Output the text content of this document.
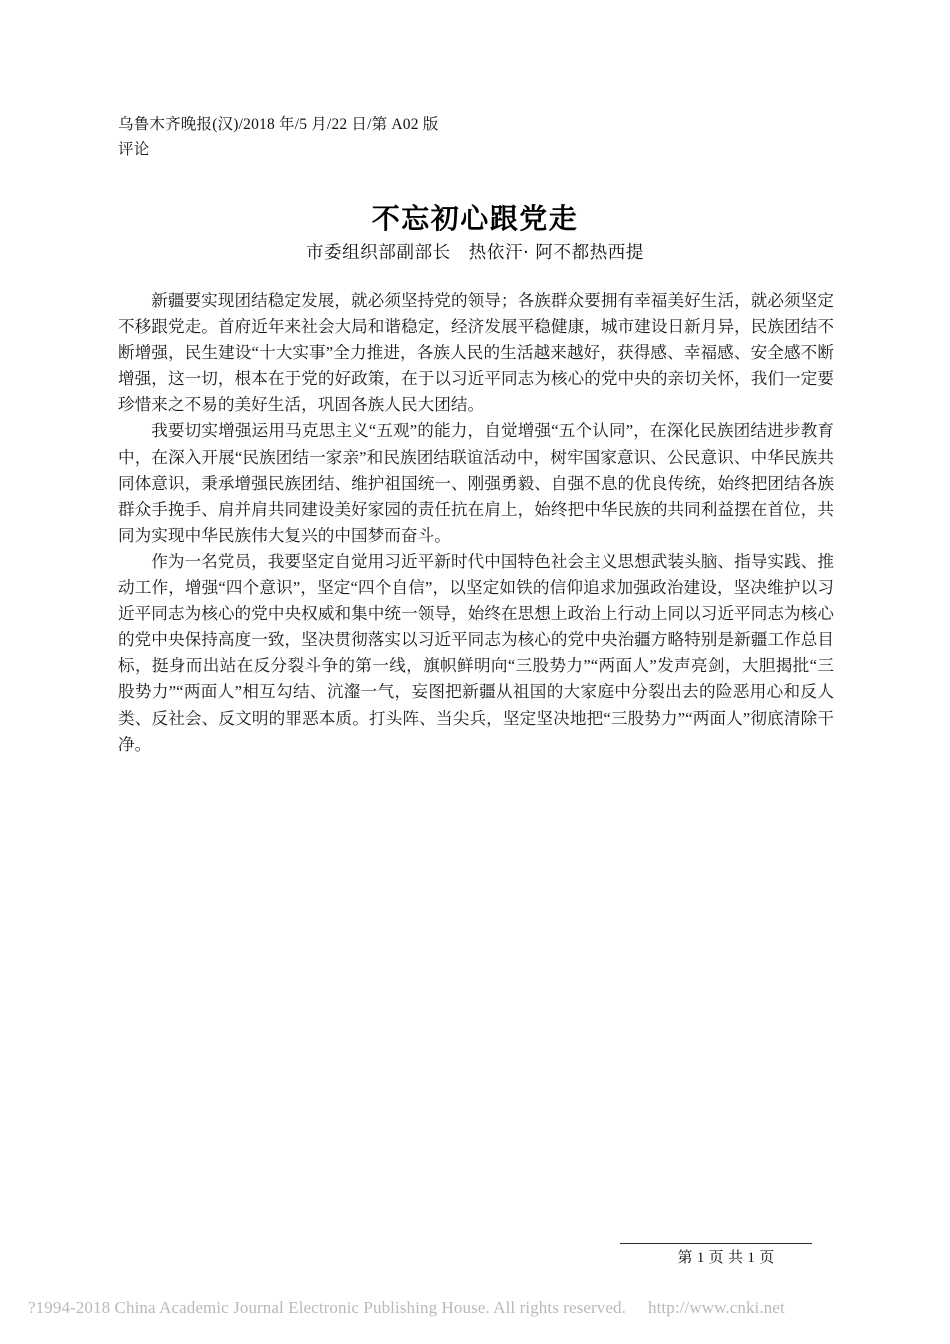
乌鲁木齐晚报(汉)/2018 年/5 月/22 日/第 A02 版
评论
不忘初心跟党走
市委组织部副部长 热依汗· 阿不都热西提

新疆要实现团结稳定发展，就必须坚持党的领导；各族群众要拥有幸福美好生活，就必须坚定不移跟党走。首府近年来社会大局和谐稳定，经济发展平稳健康，城市建设日新月异，民族团结不断增强，民生建设“十大实事”全力推进，各族人民的生活越来越好，获得感、幸福感、安全感不断增强，这一切，根本在于党的好政策，在于以习近平同志为核心的党中央的亲切关怀，我们一定要珍惜来之不易的美好生活，巩固各族人民大团结。

我要切实增强运用马克思主义“五观”的能力，自觉增强“五个认同”，在深化民族团结进步教育中，在深入开展“民族团结一家亲”和民族团结联谊活动中，树牢国家意识、公民意识、中华民族共同体意识，秉承增强民族团结、维护祖国统一、刚强勇毅、自强不息的优良传统，始终把团结各族群众手挽手、肩并肩共同建设美好家园的责任抗在肩上，始终把中华民族的共同利益摆在首位，共同为实现中华民族伟大复兴的中国梦而奋斗。

作为一名党员，我要坚定自觉用习近平新时代中国特色社会主义思想武装头脑、指导实践、推动工作，增强“四个意识”，坚定“四个自信”，以坚定如铁的信仰追求加强政治建设，坚决维护以习近平同志为核心的党中央权威和集中统一领导，始终在思想上政治上行动上同以习近平同志为核心的党中央保持高度一致，坚决贯彻落实以习近平同志为核心的党中央治疆方略特别是新疆工作总目标，挺身而出站在反分裂斗争的第一线，旗帜鲜明向“三股势力”“两面人”发声亮剑，大胆揭批“三股势力”“两面人”相互勾结、沆瀣一气，妄图把新疆从祖国的大家庭中分裂出去的险恶用心和反人类、反社会、反文明的罪恶本质。打头阵、当尖兵，坚定坚决地把“三股势力”“两面人”彻底清除干净。

第 1 页 共 1 页
?1994-2018 China Academic Journal Electronic Publishing House. All rights reserved. http://www.cnki.net
